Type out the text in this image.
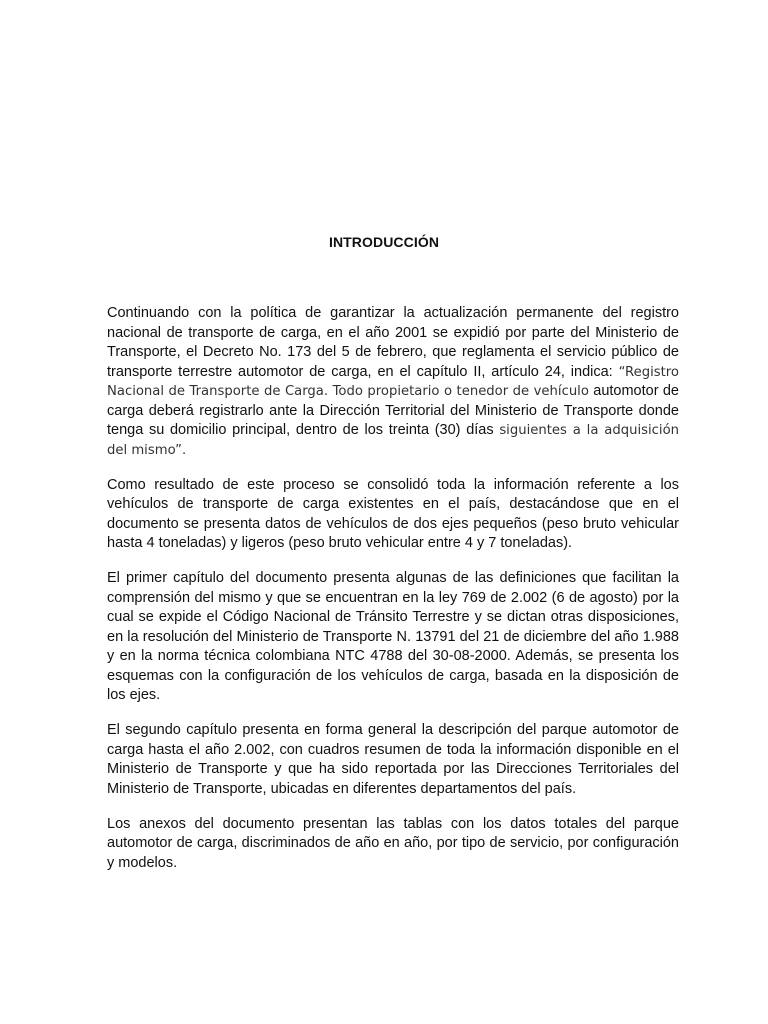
INTRODUCCIÓN

Continuando con la política de garantizar la actualización permanente del registro nacional de transporte de carga, en el año 2001 se expidió por parte del Ministerio de Transporte, el Decreto No. 173 del 5 de febrero, que reglamenta el servicio público de transporte terrestre automotor de carga, en el capítulo II, artículo 24, indica: “Registro Nacional de Transporte de Carga. Todo propietario o tenedor de vehículo automotor de carga deberá registrarlo ante la Dirección Territorial del Ministerio de Transporte donde tenga su domicilio principal, dentro de los treinta (30) días siguientes a la adquisición del mismo”.

Como resultado de este proceso se consolidó toda la información referente a los vehículos de transporte de carga existentes en el país, destacándose que en el documento se presenta datos de vehículos de dos ejes pequeños (peso bruto vehicular hasta 4 toneladas) y ligeros (peso bruto vehicular entre 4 y 7 toneladas).

El primer capítulo del documento presenta algunas de las definiciones que facilitan la comprensión del mismo y que se encuentran en la ley 769 de 2.002 (6 de agosto) por la cual se expide el Código Nacional de Tránsito Terrestre y se dictan otras disposiciones, en la resolución del Ministerio de Transporte N. 13791 del 21 de diciembre del año 1.988 y en la norma técnica colombiana NTC 4788 del 30-08-2000. Además, se presenta los esquemas con la configuración de los vehículos de carga, basada en la disposición de los ejes.

El segundo capítulo presenta en forma general la descripción del parque automotor de carga hasta el año 2.002, con cuadros resumen de toda la información disponible en el Ministerio de Transporte y que ha sido reportada por las Direcciones Territoriales del Ministerio de Transporte, ubicadas en diferentes departamentos del país.

Los anexos del documento presentan las tablas con los datos totales del parque automotor de carga, discriminados de año en año, por tipo de servicio, por configuración y modelos.
